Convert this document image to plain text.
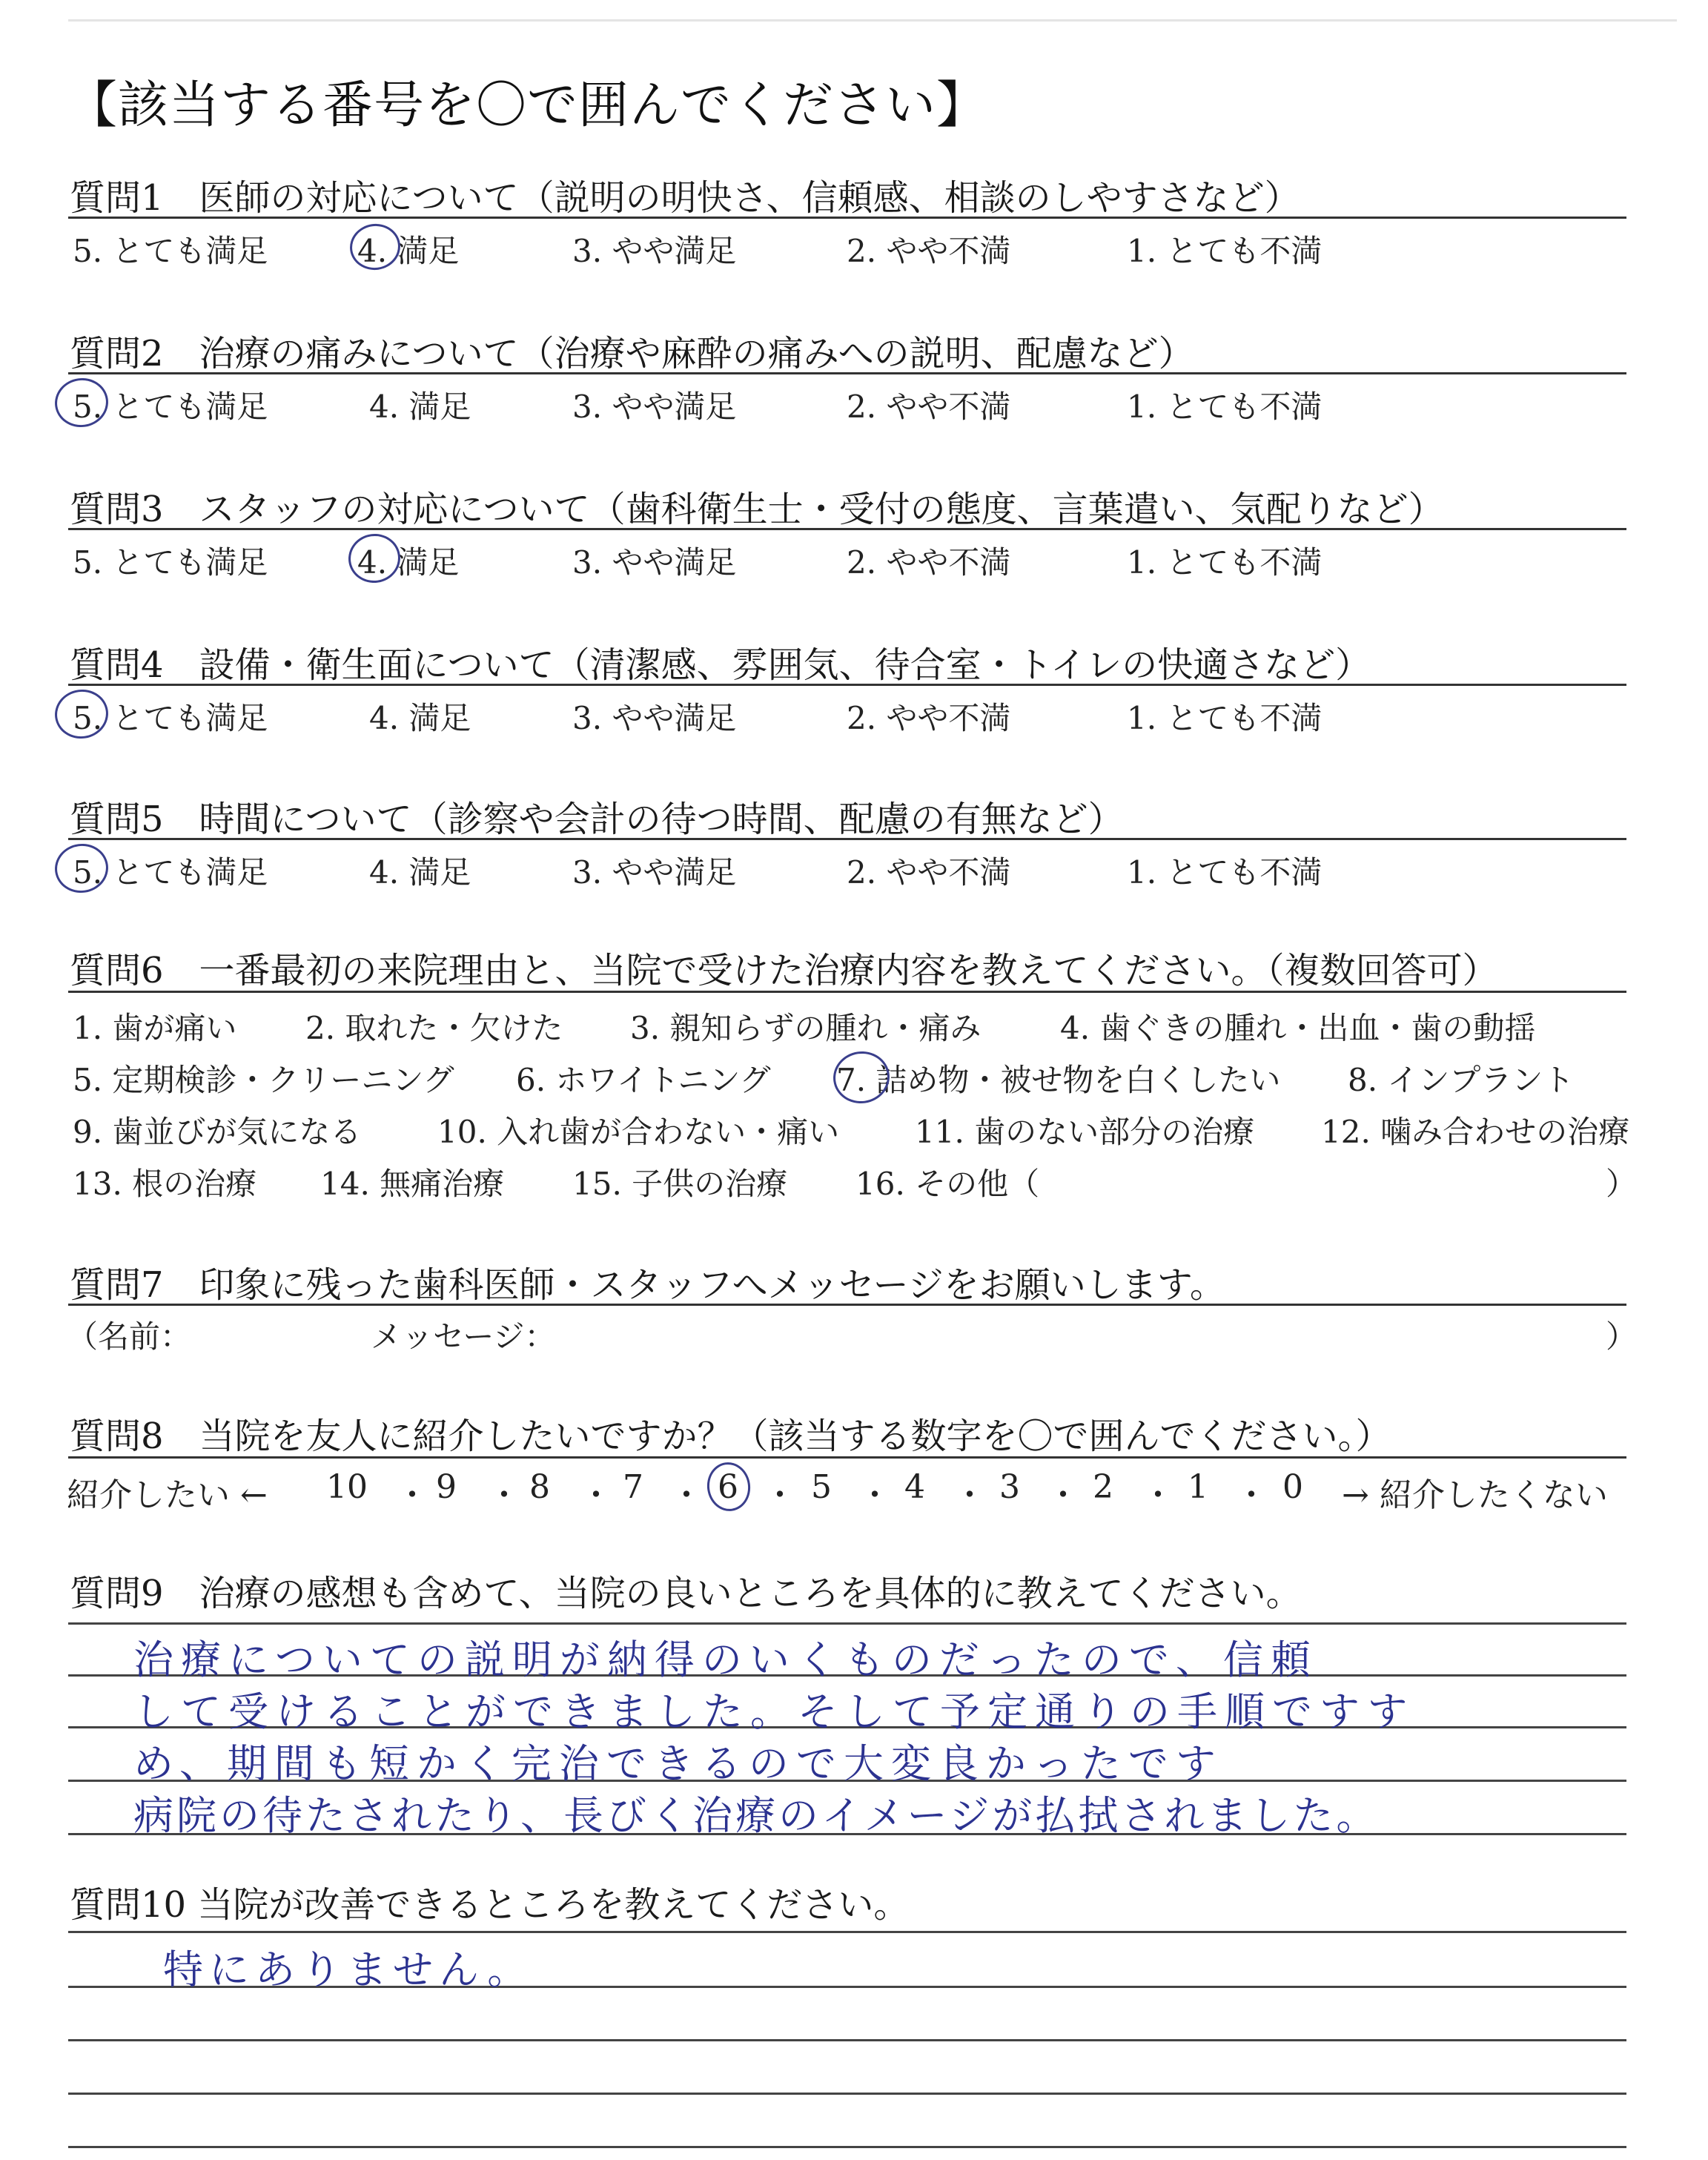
【該当する番号を〇で囲んでください】
質問1　医師の対応について（説明の明快さ、信頼感、相談のしやすさなど）
5. とても満足	4. 満足	3. やや満足	2. やや不満	1. とても不満
質問2　治療の痛みについて（治療や麻酔の痛みへの説明、配慮など）
5. とても満足	4. 満足	3. やや満足	2. やや不満	1. とても不満
質問3　スタッフの対応について（歯科衛生士・受付の態度、言葉遣い、気配りなど）
5. とても満足	4. 満足	3. やや満足	2. やや不満	1. とても不満
質問4　設備・衛生面について（清潔感、雰囲気、待合室・トイレの快適さなど）
5. とても満足	4. 満足	3. やや満足	2. やや不満	1. とても不満
質問5　時間について（診察や会計の待つ時間、配慮の有無など）
5. とても満足	4. 満足	3. やや満足	2. やや不満	1. とても不満
質問6　一番最初の来院理由と、当院で受けた治療内容を教えてください。（複数回答可）
1. 歯が痛い 2. 取れた・欠けた 3. 親知らずの腫れ・痛み	4. 歯ぐきの腫れ・出血・歯の動揺
5. 定期検診・クリーニング 6. ホワイトニング 7. 詰め物・被せ物を白くしたい 8. インプラント
9. 歯並びが気になる 10. 入れ歯が合わない・痛い 11. 歯のない部分の治療 12. 噛み合わせの治療
13. 根の治療 14. 無痛治療 15. 子供の治療 16. その他（	）
質問7　印象に残った歯科医師・スタッフへメッセージをお願いします。
（名前：	メッセージ：	）
質問8　当院を友人に紹介したいですか？（該当する数字を〇で囲んでください。）
紹介したい ← 10 ・ 9 ・ 8 ・ 7 ・ 6 ・ 5 ・ 4 ・ 3 ・ 2 ・ 1 ・ 0 → 紹介したくない
質問9　治療の感想も含めて、当院の良いところを具体的に教えてください。
治療についての説明が納得のいくものだったので、信頼
して受けることができました。そして予定通りの手順ですす
め、期間も短かく完治できるので大変良かったです
病院の待たされたり、長びく治療のイメージが払拭されました。
質問10 当院が改善できるところを教えてください。
特にありません。
